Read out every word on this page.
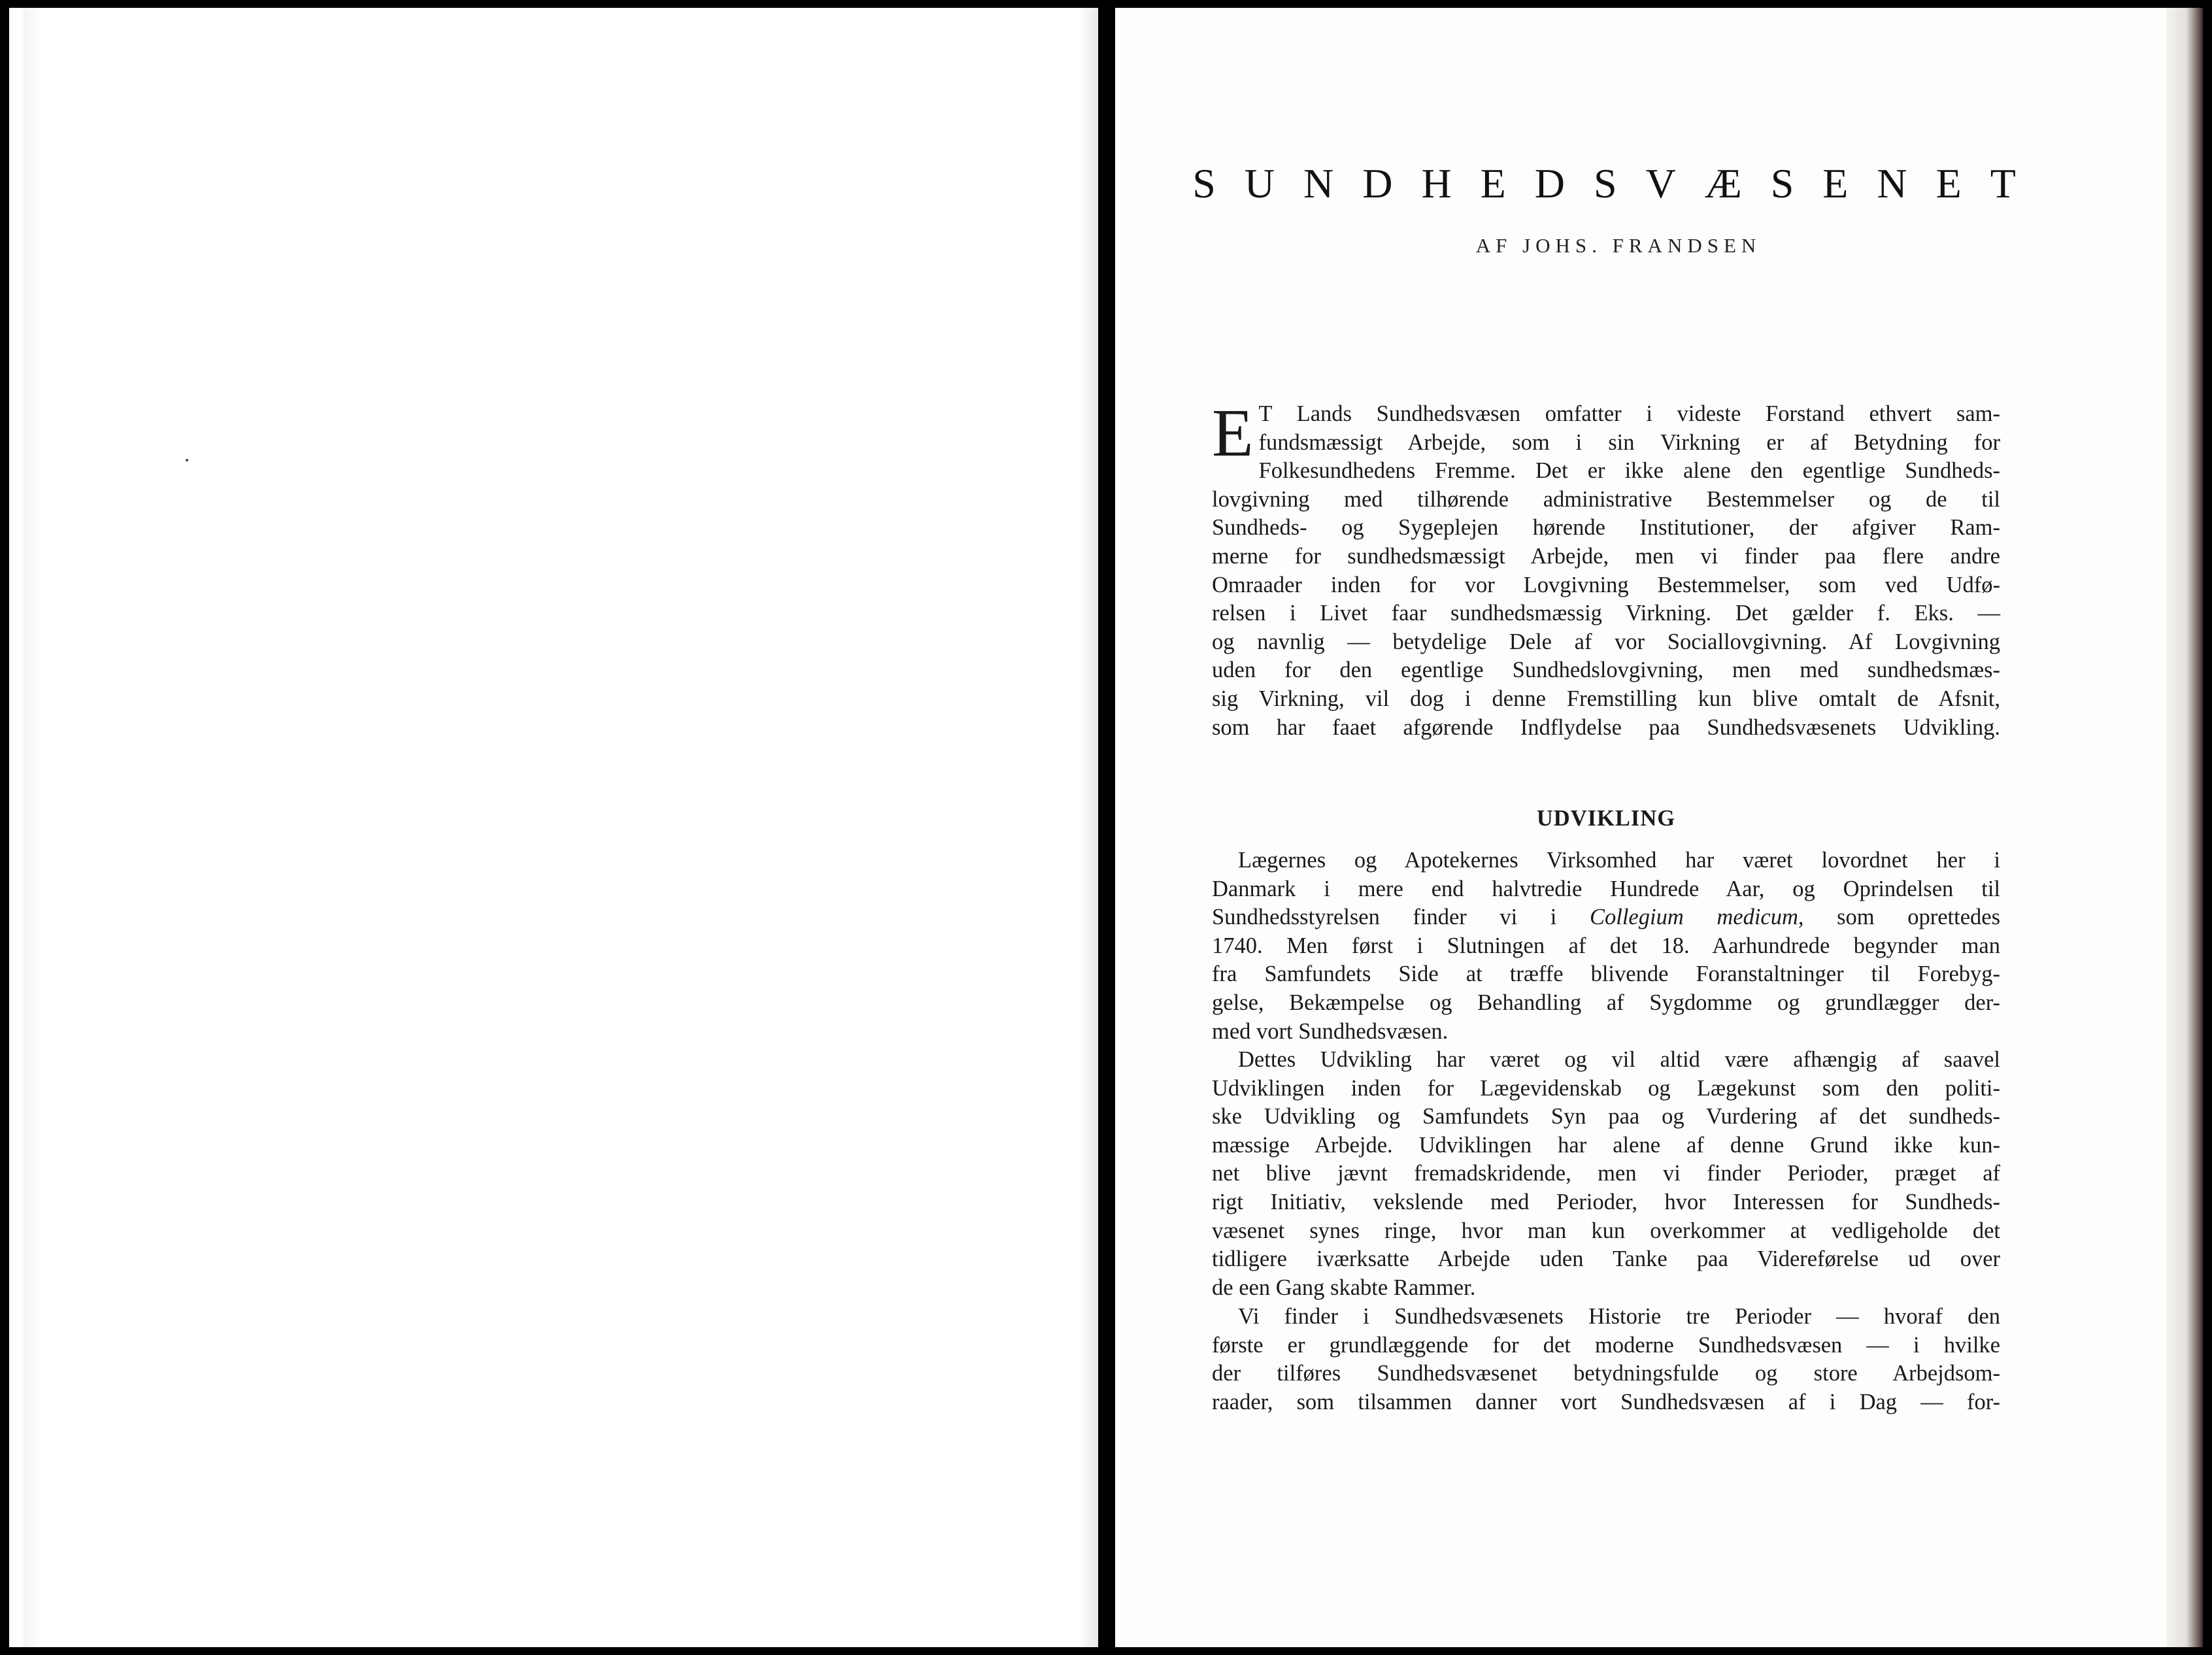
SUNDHEDSVÆSENET

AF JOHS. FRANDSEN

E T Lands Sundhedsvæsen omfatter i videste Forstand ethvert sam-
fundsmæssigt Arbejde, som i sin Virkning er af Betydning for
Folkesundhedens Fremme. Det er ikke alene den egentlige Sundheds-
lovgivning med tilhørende administrative Bestemmelser og de til
Sundheds- og Sygeplejen hørende Institutioner, der afgiver Ram-
merne for sundhedsmæssigt Arbejde, men vi finder paa flere andre
Omraader inden for vor Lovgivning Bestemmelser, som ved Udfø-
relsen i Livet faar sundhedsmæssig Virkning. Det gælder f. Eks. —
og navnlig — betydelige Dele af vor Sociallovgivning. Af Lovgivning
uden for den egentlige Sundhedslovgivning, men med sundhedsmæs-
sig Virkning, vil dog i denne Fremstilling kun blive omtalt de Afsnit,
som har faaet afgørende Indflydelse paa Sundhedsvæsenets Udvikling.
UDVIKLING
Lægernes og Apotekernes Virksomhed har været lovordnet her i
Danmark i mere end halvtredie Hundrede Aar, og Oprindelsen til
Sundhedsstyrelsen finder vi i Collegium medicum, som oprettedes
1740. Men først i Slutningen af det 18. Aarhundrede begynder man
fra Samfundets Side at træffe blivende Foranstaltninger til Forebyg-
gelse, Bekæmpelse og Behandling af Sygdomme og grundlægger der-
med vort Sundhedsvæsen.
Dettes Udvikling har været og vil altid være afhængig af saavel
Udviklingen inden for Lægevidenskab og Lægekunst som den politi-
ske Udvikling og Samfundets Syn paa og Vurdering af det sundheds-
mæssige Arbejde. Udviklingen har alene af denne Grund ikke kun-
net blive jævnt fremadskridende, men vi finder Perioder, præget af
rigt Initiativ, vekslende med Perioder, hvor Interessen for Sundheds-
væsenet synes ringe, hvor man kun overkommer at vedligeholde det
tidligere iværksatte Arbejde uden Tanke paa Videreførelse ud over
de een Gang skabte Rammer.
Vi finder i Sundhedsvæsenets Historie tre Perioder — hvoraf den
første er grundlæggende for det moderne Sundhedsvæsen — i hvilke
der tilføres Sundhedsvæsenet betydningsfulde og store Arbejdsom-
raader, som tilsammen danner vort Sundhedsvæsen af i Dag — for-
